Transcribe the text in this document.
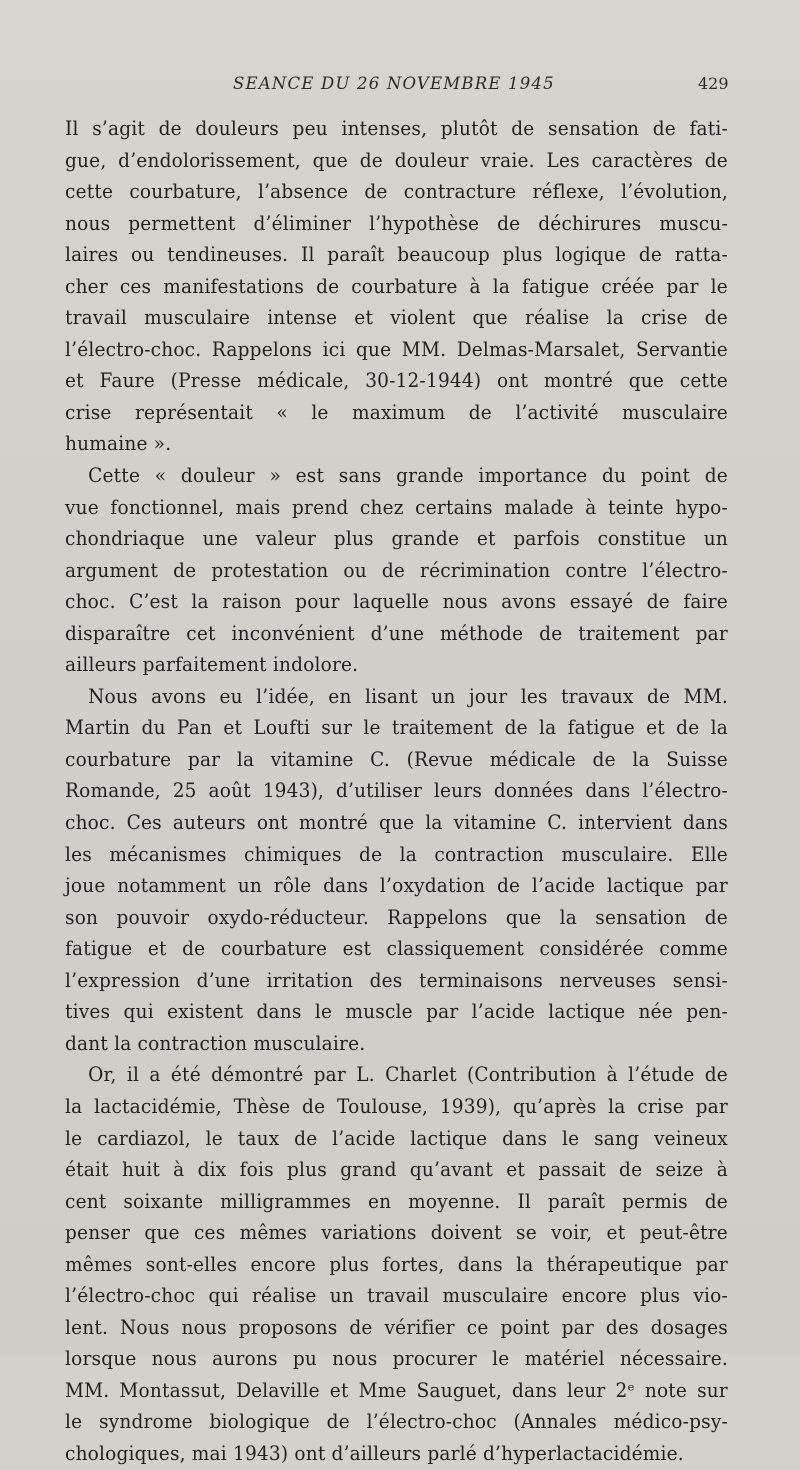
SEANCE DU 26 NOVEMBRE 1945	429
Il s’agit de douleurs peu intenses, plutôt de sensation de fati-
gue, d’endolorissement, que de douleur vraie. Les caractères de
cette courbature, l’absence de contracture réflexe, l’évolution,
nous permettent d’éliminer l’hypothèse de déchirures muscu-
laires ou tendineuses. Il paraît beaucoup plus logique de ratta-
cher ces manifestations de courbature à la fatigue créée par le
travail musculaire intense et violent que réalise la crise de
l’électro-choc. Rappelons ici que MM. Delmas-Marsalet, Servantie
et Faure (Presse médicale, 30-12-1944) ont montré que cette
crise représentait « le maximum de l’activité musculaire
humaine ».
Cette « douleur » est sans grande importance du point de
vue fonctionnel, mais prend chez certains malade à teinte hypo-
chondriaque une valeur plus grande et parfois constitue un
argument de protestation ou de récrimination contre l’électro-
choc. C’est la raison pour laquelle nous avons essayé de faire
disparaître cet inconvénient d’une méthode de traitement par
ailleurs parfaitement indolore.
Nous avons eu l’idée, en lisant un jour les travaux de MM.
Martin du Pan et Loufti sur le traitement de la fatigue et de la
courbature par la vitamine C. (Revue médicale de la Suisse
Romande, 25 août 1943), d’utiliser leurs données dans l’électro-
choc. Ces auteurs ont montré que la vitamine C. intervient dans
les mécanismes chimiques de la contraction musculaire. Elle
joue notamment un rôle dans l’oxydation de l’acide lactique par
son pouvoir oxydo-réducteur. Rappelons que la sensation de
fatigue et de courbature est classiquement considérée comme
l’expression d’une irritation des terminaisons nerveuses sensi-
tives qui existent dans le muscle par l’acide lactique née pen-
dant la contraction musculaire.
Or, il a été démontré par L. Charlet (Contribution à l’étude de
la lactacidémie, Thèse de Toulouse, 1939), qu’après la crise par
le cardiazol, le taux de l’acide lactique dans le sang veineux
était huit à dix fois plus grand qu’avant et passait de seize à
cent soixante milligrammes en moyenne. Il paraît permis de
penser que ces mêmes variations doivent se voir, et peut-être
mêmes sont-elles encore plus fortes, dans la thérapeutique par
l’électro-choc qui réalise un travail musculaire encore plus vio-
lent. Nous nous proposons de vérifier ce point par des dosages
lorsque nous aurons pu nous procurer le matériel nécessaire.
MM. Montassut, Delaville et Mme Sauguet, dans leur 2ᵉ note sur
le syndrome biologique de l’électro-choc (Annales médico-psy-
chologiques, mai 1943) ont d’ailleurs parlé d’hyperlactacidémie.
